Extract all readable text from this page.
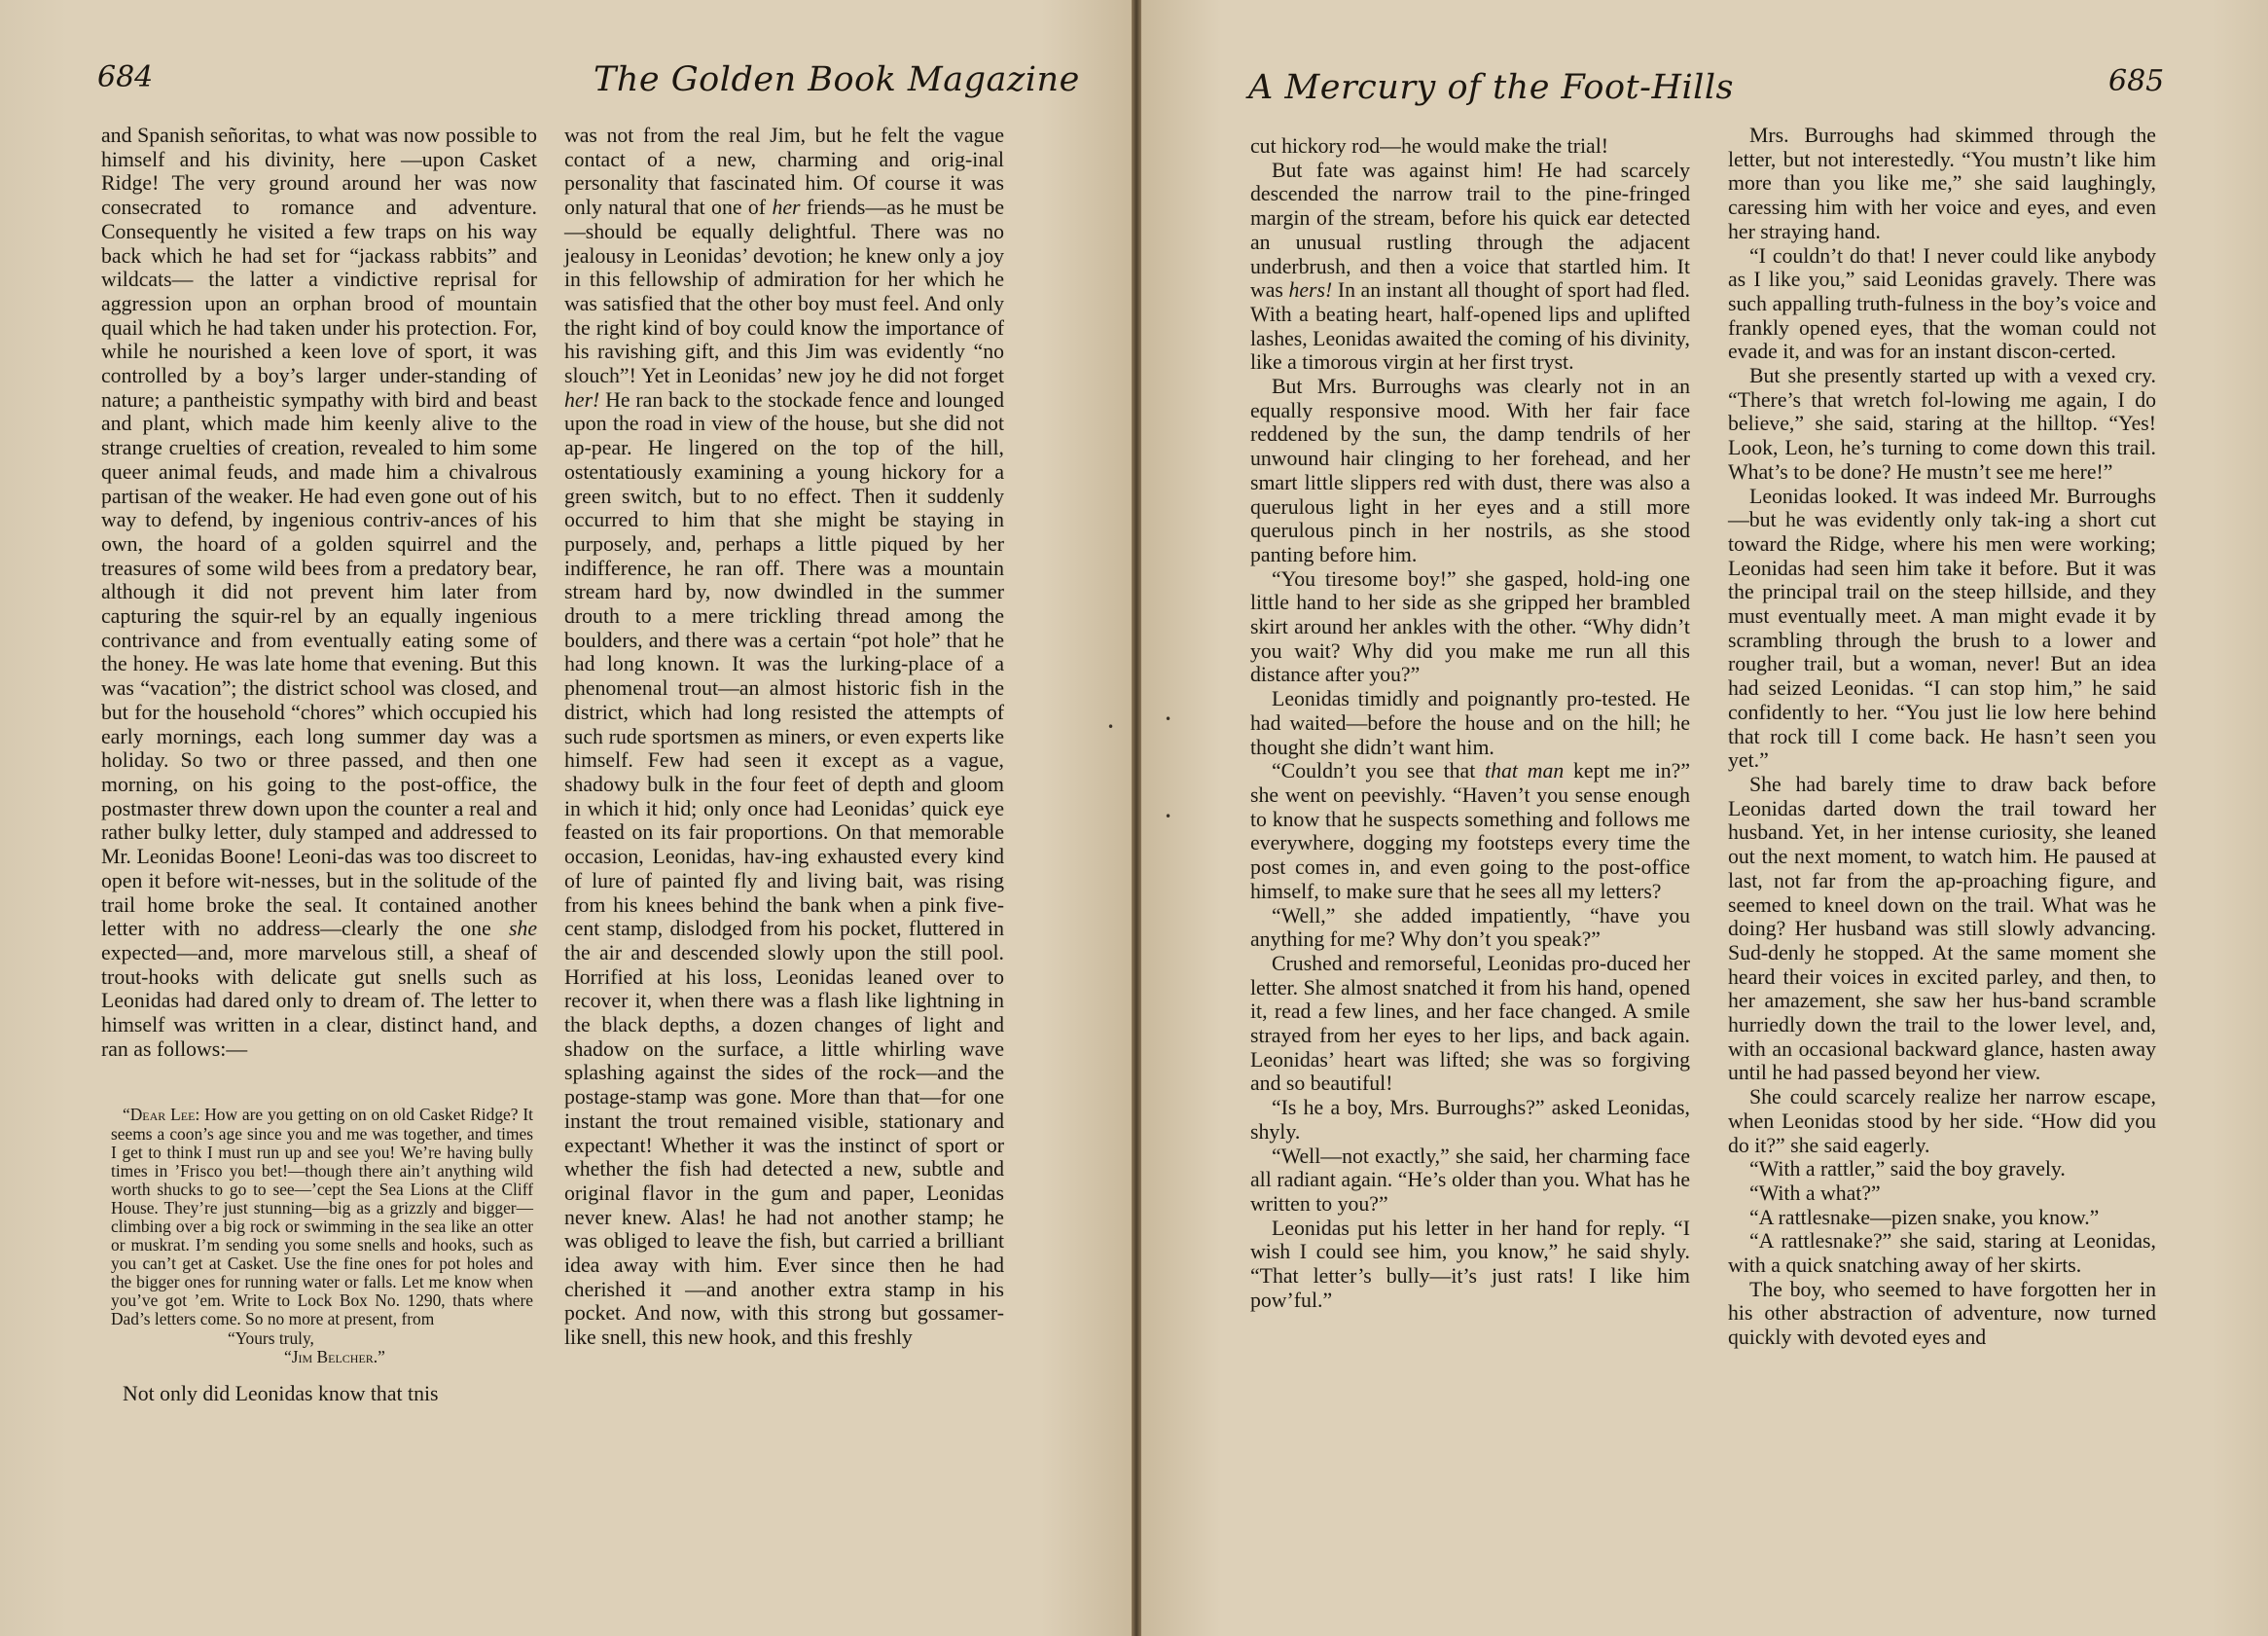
684	The Golden Book Magazine

and Spanish señoritas, to what was now possible to himself and his divinity, here —upon Casket Ridge! The very ground around her was now consecrated to romance and adventure. Consequently he visited a few traps on his way back which he had set for “jackass rabbits” and wildcats— the latter a vindictive reprisal for aggression upon an orphan brood of mountain quail which he had taken under his protection. For, while he nourished a keen love of sport, it was controlled by a boy’s larger under-standing of nature; a pantheistic sympathy with bird and beast and plant, which made him keenly alive to the strange cruelties of creation, revealed to him some queer animal feuds, and made him a chivalrous partisan of the weaker. He had even gone out of his way to defend, by ingenious contriv-ances of his own, the hoard of a golden squirrel and the treasures of some wild bees from a predatory bear, although it did not prevent him later from capturing the squir-rel by an equally ingenious contrivance and from eventually eating some of the honey. He was late home that evening. But this was “vacation”; the district school was closed, and but for the household “chores” which occupied his early mornings, each long summer day was a holiday. So two or three passed, and then one morning, on his going to the post-office, the postmaster threw down upon the counter a real and rather bulky letter, duly stamped and addressed to Mr. Leonidas Boone! Leoni-das was too discreet to open it before wit-nesses, but in the solitude of the trail home broke the seal. It contained another letter with no address—clearly the one she expected—and, more marvelous still, a sheaf of trout-hooks with delicate gut snells such as Leonidas had dared only to dream of. The letter to himself was written in a clear, distinct hand, and ran as follows:—

“Dear Lee: How are you getting on on old Casket Ridge? It seems a coon’s age since you and me was together, and times I get to think I must run up and see you! We’re having bully times in ’Frisco you bet!—though there ain’t anything wild worth shucks to go to see—’cept the Sea Lions at the Cliff House. They’re just stunning—big as a grizzly and bigger—climbing over a big rock or swimming in the sea like an otter or muskrat. I’m sending you some snells and hooks, such as you can’t get at Casket. Use the fine ones for pot holes and the bigger ones for running water or falls. Let me know when you’ve got ’em. Write to Lock Box No. 1290, thats where Dad’s letters come. So no more at present, from

“Yours truly,
“Jim Belcher.”

Not only did Leonidas know that tnis

was not from the real Jim, but he felt the vague contact of a new, charming and orig-inal personality that fascinated him. Of course it was only natural that one of her friends—as he must be—should be equally delightful. There was no jealousy in Leonidas’ devotion; he knew only a joy in this fellowship of admiration for her which he was satisfied that the other boy must feel. And only the right kind of boy could know the importance of his ravishing gift, and this Jim was evidently “no slouch”! Yet in Leonidas’ new joy he did not forget her! He ran back to the stockade fence and lounged upon the road in view of the house, but she did not ap-pear. He lingered on the top of the hill, ostentatiously examining a young hickory for a green switch, but to no effect. Then it suddenly occurred to him that she might be staying in purposely, and, perhaps a little piqued by her indifference, he ran off. There was a mountain stream hard by, now dwindled in the summer drouth to a mere trickling thread among the boulders, and there was a certain “pot hole” that he had long known. It was the lurking-place of a phenomenal trout—an almost historic fish in the district, which had long resisted the attempts of such rude sportsmen as miners, or even experts like himself. Few had seen it except as a vague, shadowy bulk in the four feet of depth and gloom in which it hid; only once had Leonidas’ quick eye feasted on its fair proportions. On that memorable occasion, Leonidas, hav-ing exhausted every kind of lure of painted fly and living bait, was rising from his knees behind the bank when a pink five-cent stamp, dislodged from his pocket, fluttered in the air and descended slowly upon the still pool. Horrified at his loss, Leonidas leaned over to recover it, when there was a flash like lightning in the black depths, a dozen changes of light and shadow on the surface, a little whirling wave splashing against the sides of the rock—and the postage-stamp was gone. More than that—for one instant the trout remained visible, stationary and expectant! Whether it was the instinct of sport or whether the fish had detected a new, subtle and original flavor in the gum and paper, Leonidas never knew. Alas! he had not another stamp; he was obliged to leave the fish, but carried a brilliant idea away with him. Ever since then he had cherished it —and another extra stamp in his pocket. And now, with this strong but gossamer-like snell, this new hook, and this freshly

•
A Mercury of the Foot-Hills	685

cut hickory rod—he would make the trial!

But fate was against him! He had scarcely descended the narrow trail to the pine-fringed margin of the stream, before his quick ear detected an unusual rustling through the adjacent underbrush, and then a voice that startled him. It was hers! In an instant all thought of sport had fled. With a beating heart, half-opened lips and uplifted lashes, Leonidas awaited the coming of his divinity, like a timorous virgin at her first tryst.

But Mrs. Burroughs was clearly not in an equally responsive mood. With her fair face reddened by the sun, the damp tendrils of her unwound hair clinging to her forehead, and her smart little slippers red with dust, there was also a querulous light in her eyes and a still more querulous pinch in her nostrils, as she stood panting before him.

“You tiresome boy!” she gasped, hold-ing one little hand to her side as she gripped her brambled skirt around her ankles with the other. “Why didn’t you wait? Why did you make me run all this distance after you?”

Leonidas timidly and poignantly pro-tested. He had waited—before the house and on the hill; he thought she didn’t want him.

“Couldn’t you see that that man kept me in?” she went on peevishly. “Haven’t you sense enough to know that he suspects something and follows me everywhere, dogging my footsteps every time the post comes in, and even going to the post-office himself, to make sure that he sees all my letters?

“Well,” she added impatiently, “have you anything for me? Why don’t you speak?”

Crushed and remorseful, Leonidas pro-duced her letter. She almost snatched it from his hand, opened it, read a few lines, and her face changed. A smile strayed from her eyes to her lips, and back again. Leonidas’ heart was lifted; she was so forgiving and so beautiful!

“Is he a boy, Mrs. Burroughs?” asked Leonidas, shyly.

“Well—not exactly,” she said, her charming face all radiant again. “He’s older than you. What has he written to you?”

Leonidas put his letter in her hand for reply. “I wish I could see him, you know,” he said shyly. “That letter’s bully—it’s just rats! I like him pow’ful.”

Mrs. Burroughs had skimmed through the letter, but not interestedly. “You mustn’t like him more than you like me,” she said laughingly, caressing him with her voice and eyes, and even her straying hand.

“I couldn’t do that! I never could like anybody as I like you,” said Leonidas gravely. There was such appalling truth-fulness in the boy’s voice and frankly opened eyes, that the woman could not evade it, and was for an instant discon-certed.

But she presently started up with a vexed cry. “There’s that wretch fol-lowing me again, I do believe,” she said, staring at the hilltop. “Yes! Look, Leon, he’s turning to come down this trail. What’s to be done? He mustn’t see me here!”

Leonidas looked. It was indeed Mr. Burroughs—but he was evidently only tak-ing a short cut toward the Ridge, where his men were working; Leonidas had seen him take it before. But it was the principal trail on the steep hillside, and they must eventually meet. A man might evade it by scrambling through the brush to a lower and rougher trail, but a woman, never! But an idea had seized Leonidas. “I can stop him,” he said confidently to her. “You just lie low here behind that rock till I come back. He hasn’t seen you yet.”

She had barely time to draw back before Leonidas darted down the trail toward her husband. Yet, in her intense curiosity, she leaned out the next moment, to watch him. He paused at last, not far from the ap-proaching figure, and seemed to kneel down on the trail. What was he doing? Her husband was still slowly advancing. Sud-denly he stopped. At the same moment she heard their voices in excited parley, and then, to her amazement, she saw her hus-band scramble hurriedly down the trail to the lower level, and, with an occasional backward glance, hasten away until he had passed beyond her view.

She could scarcely realize her narrow escape, when Leonidas stood by her side. “How did you do it?” she said eagerly.

“With a rattler,” said the boy gravely.

“With a what?”

“A rattlesnake—pizen snake, you know.”

“A rattlesnake?” she said, staring at Leonidas, with a quick snatching away of her skirts.

The boy, who seemed to have forgotten her in his other abstraction of adventure, now turned quickly with devoted eyes and

•
•
